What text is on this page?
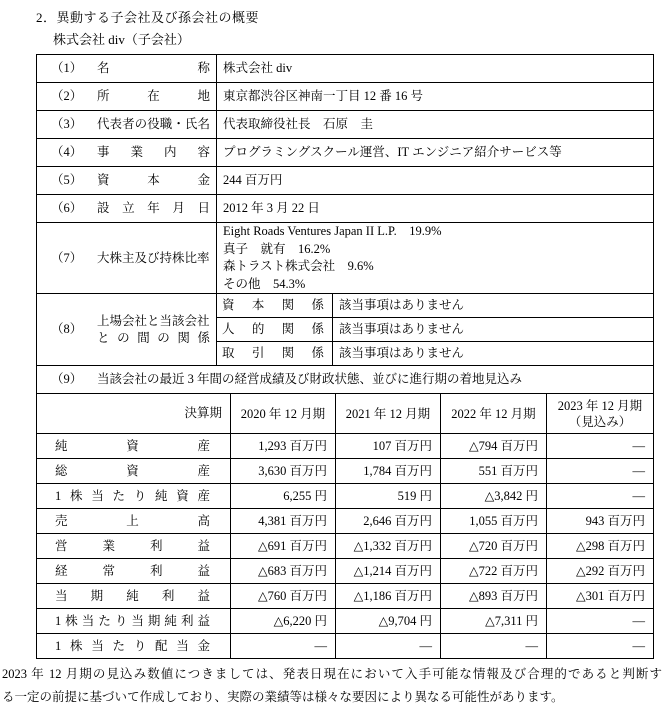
2．異動する子会社及び孫会社の概要
株式会社 div（子会社）
（1） 名称	株式会社 div	

（2） 所在地	東京都渋谷区神南一丁目 12 番 16 号	

（3） 代表者の役職・氏名	代表取締役社長　石原　圭	

（4） 事業内容	プログラミングスクール運営、IT エンジニア紹介サービス等	

（5） 資本金	244 百万円	

（6） 設立年月日	2012 年 3 月 22 日	

（7）	大株主及び持株比率

Eight Roads Ventures Japan II L.P.　19.9%
真子　就有　16.2%
森トラスト株式会社　9.6%
その他　54.3%

（8）
上場会社と当該会社
との間の関係	資本関係	該当事項はありません
	人的関係	該当事項はありません
	取引関係	該当事項はありません

（9） 当該会社の最近 3 年間の経営成績及び財政状態、並びに進行期の着地見込み		
決算期	2020 年 12 月期	2021 年 12 月期	2022 年 12 月期	2023 年 12 月期
（見込み）

純資産	1,293 百万円	107 百万円	△794 百万円	―
総資産	3,630 百万円	1,784 百万円	551 百万円	―
1株当たり純資産	6,255 円	519 円	△3,842 円	―
売上高	4,381 百万円	2,646 百万円	1,055 百万円	943 百万円
営業利益	△691 百万円	△1,332 百万円	△720 百万円	△298 百万円
経常利益	△683 百万円	△1,214 百万円	△722 百万円	△292 百万円
当期純利益	△760 百万円	△1,186 百万円	△893 百万円	△301 百万円
1株当たり当期純利益	△6,220 円	△9,704 円	△7,311 円	―
1株当たり配当金	―	―	―	―
2023 年 12 月期の見込み数値につきましては、発表日現在において入手可能な情報及び合理的であると判断す
る一定の前提に基づいて作成しており、実際の業績等は様々な要因により異なる可能性があります。
